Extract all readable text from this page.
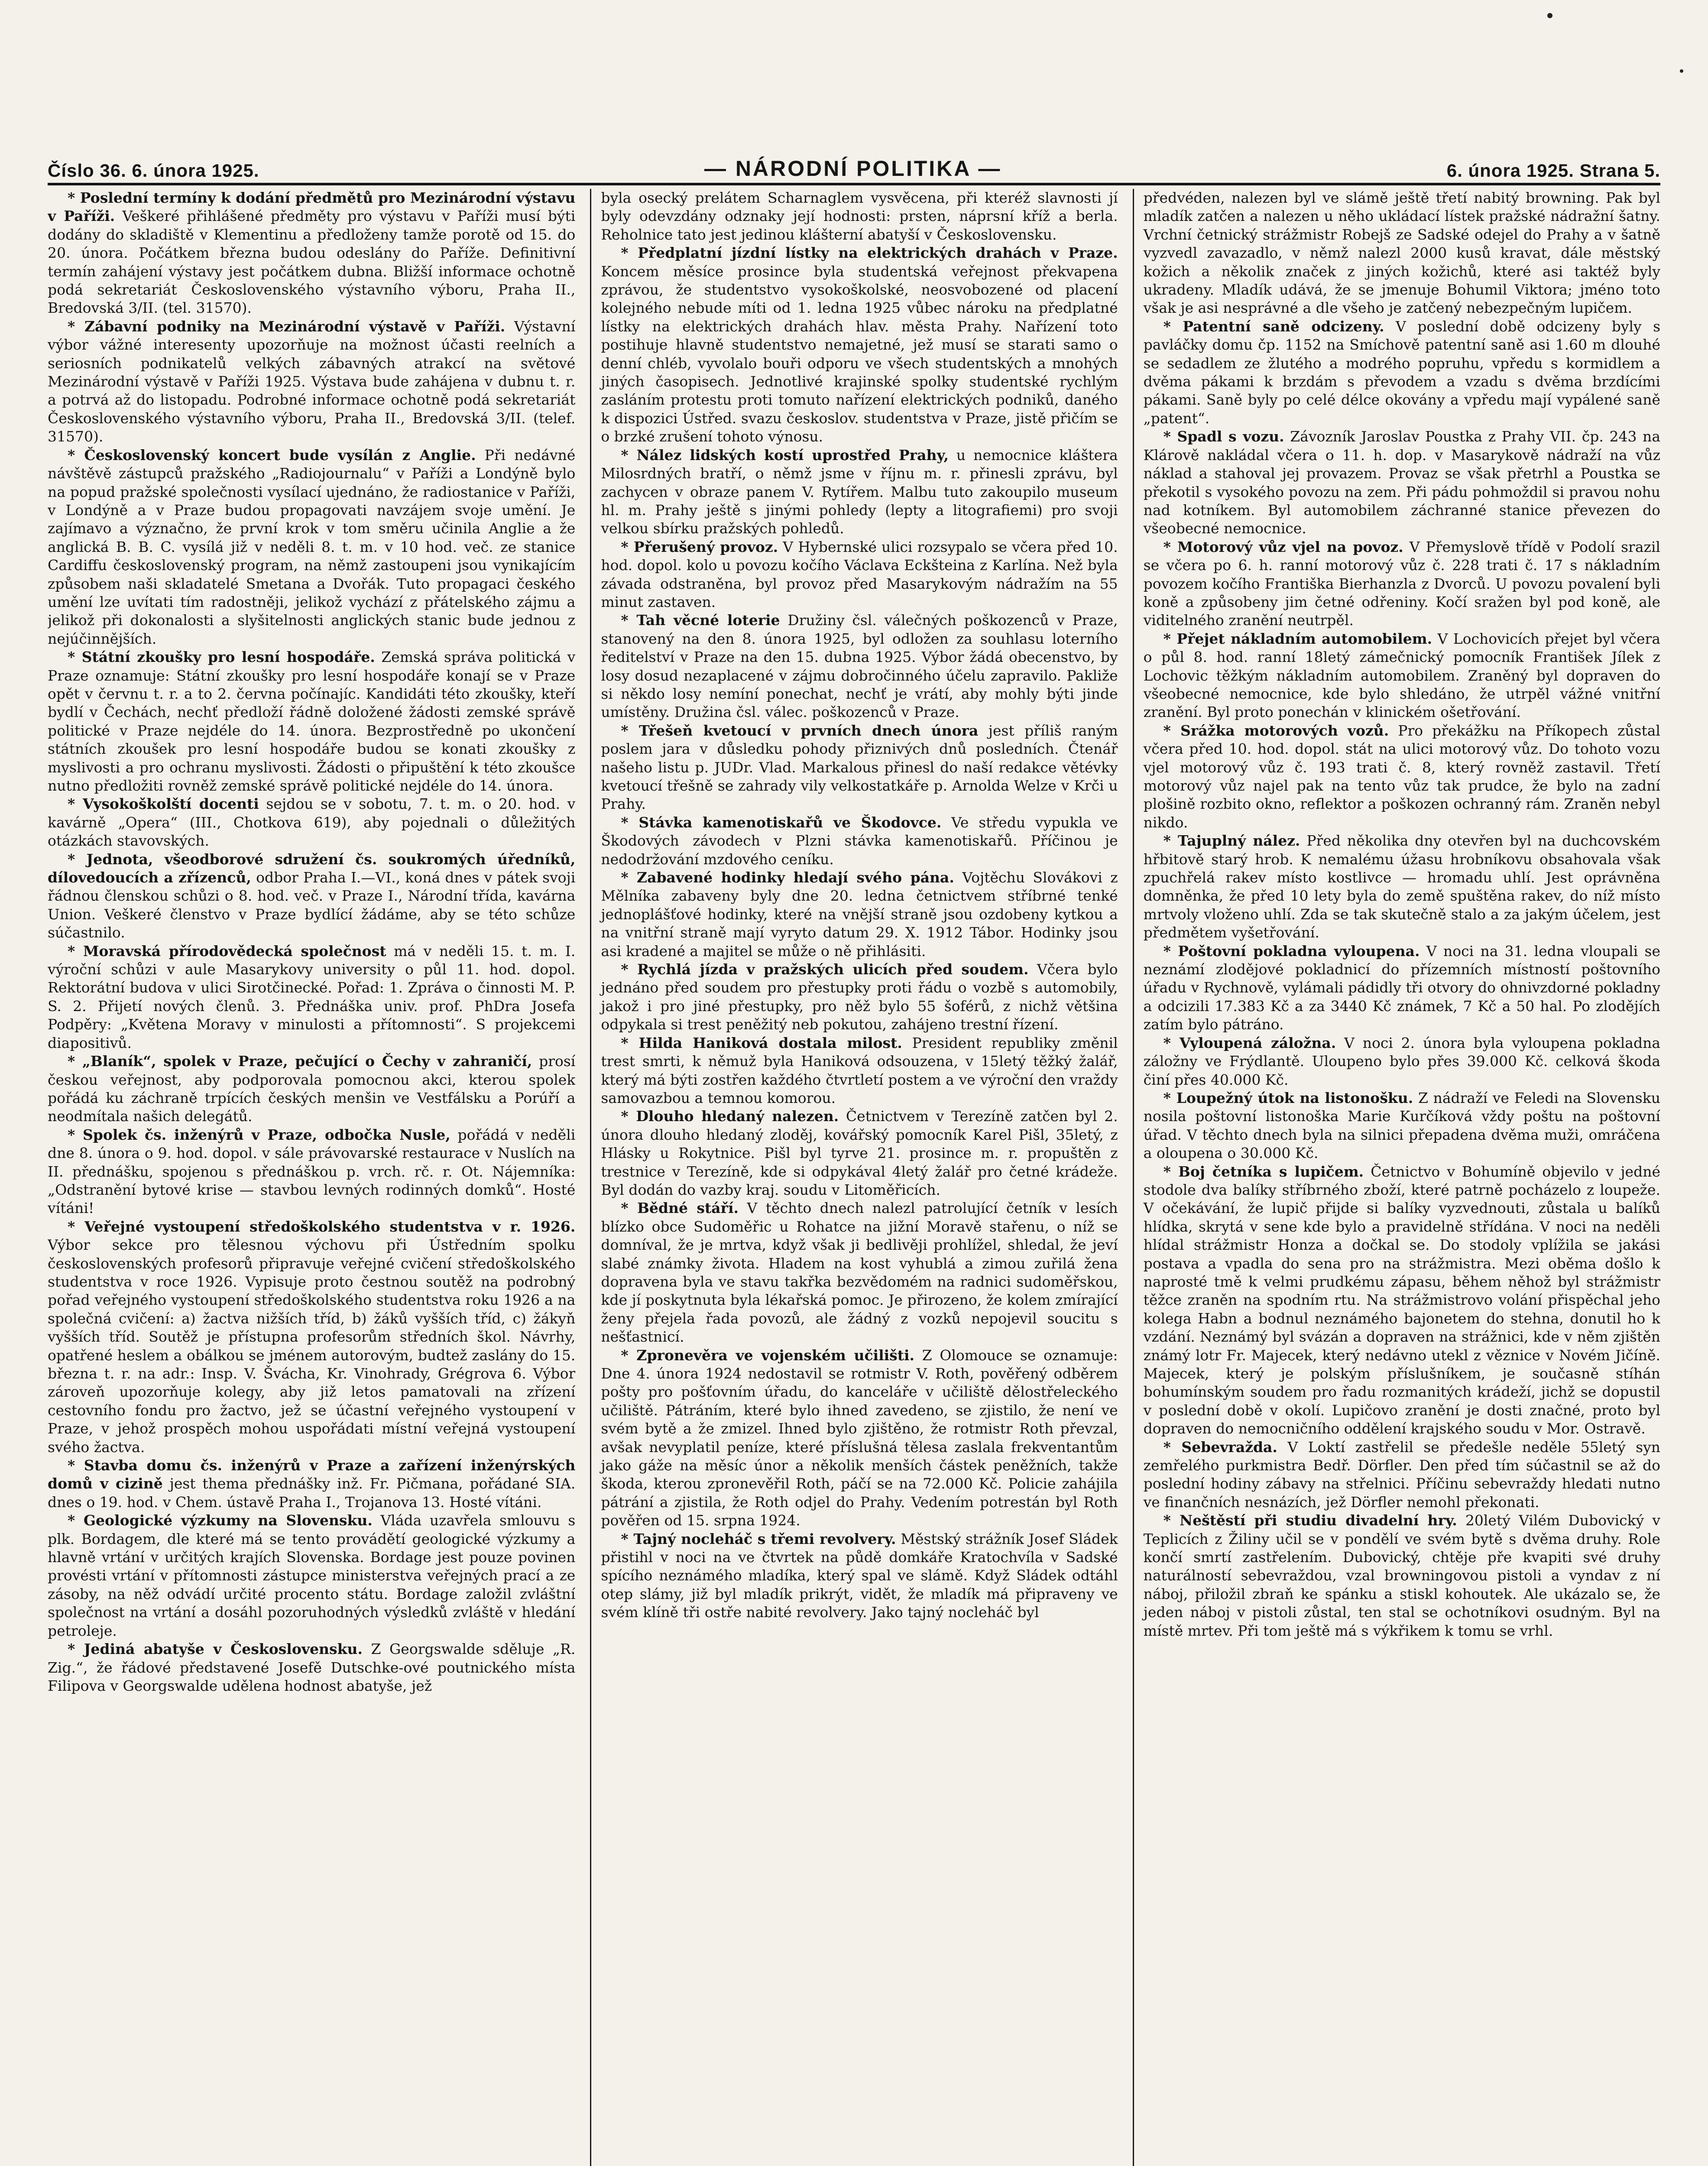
Číslo 36. 6. února 1925.	— NÁRODNÍ POLITIKA —	6. února 1925. Strana 5.

* Poslední termíny k dodání předmětů pro Mezinárodní výstavu v Paříži. Veškeré přihlášené předměty pro výstavu v Paříži musí býti dodány do skladiště v Klementinu a předloženy tamže porotě od 15. do 20. února. Počátkem března budou odeslány do Paříže. Definitivní termín zahájení výstavy jest počátkem dubna. Bližší informace ochotně podá sekretariát Československého výstavního výboru, Praha II., Bredovská 3/II. (tel. 31570).

* Zábavní podniky na Mezinárodní výstavě v Paříži. Výstavní výbor vážné interesenty upozorňuje na možnost účasti reelních a seriosních podnikatelů velkých zábavných atrakcí na světové Mezinárodní výstavě v Paříži 1925. Výstava bude zahájena v dubnu t. r. a potrvá až do listopadu. Podrobné informace ochotně podá sekretariát Československého výstavního výboru, Praha II., Bredovská 3/II. (telef. 31570).

* Československý koncert bude vysílán z Anglie. Při nedávné návštěvě zástupců pražského „Radiojournalu“ v Paříži a Londýně bylo na popud pražské společnosti vysílací ujednáno, že radiostanice v Paříži, v Londýně a v Praze budou propagovati navzájem svoje umění. Je zajímavo a význačno, že první krok v tom směru učinila Anglie a že anglická B. B. C. vysílá již v neděli 8. t. m. v 10 hod. več. ze stanice Cardiffu československý program, na němž zastoupeni jsou vynikajícím způsobem naši skladatelé Smetana a Dvořák. Tuto propagaci českého umění lze uvítati tím radostněji, jelikož vychází z přátelského zájmu a jelikož při dokonalosti a slyšitelnosti anglických stanic bude jednou z nejúčinnějších.

* Státní zkoušky pro lesní hospodáře. Zemská správa politická v Praze oznamuje: Státní zkoušky pro lesní hospodáře konají se v Praze opět v červnu t. r. a to 2. června počínajíc. Kandidáti této zkoušky, kteří bydlí v Čechách, nechť předloží řádně doložené žádosti zemské správě politické v Praze nejdéle do 14. února. Bezprostředně po ukončení státních zkoušek pro lesní hospodáře budou se konati zkoušky z myslivosti a pro ochranu myslivosti. Žádosti o připuštění k této zkoušce nutno předložiti rovněž zemské správě politické nejdéle do 14. února.

* Vysokoškolští docenti sejdou se v sobotu, 7. t. m. o 20. hod. v kavárně „Opera“ (III., Chotkova 619), aby pojednali o důležitých otázkách stavovských.

* Jednota, všeodborové sdružení čs. soukromých úředníků, dílovedoucích a zřízenců, odbor Praha I.—VI., koná dnes v pátek svoji řádnou členskou schůzi o 8. hod. več. v Praze I., Národní třída, kavárna Union. Veškeré členstvo v Praze bydlící žádáme, aby se této schůze súčastnilo.

* Moravská přírodovědecká společnost má v neděli 15. t. m. I. výroční schůzi v aule Masarykovy university o půl 11. hod. dopol. Rektorátní budova v ulici Sirotčinecké. Pořad: 1. Zpráva o činnosti M. P. S. 2. Přijetí nových členů. 3. Přednáška univ. prof. PhDra Josefa Podpěry: „Květena Moravy v minulosti a přítomnosti“. S projekcemi diapositivů.

* „Blaník“, spolek v Praze, pečující o Čechy v zahraničí, prosí českou veřejnost, aby podporovala pomocnou akci, kterou spolek pořádá ku záchraně trpících českých menšin ve Vestfálsku a Porúří a neodmítala našich delegátů.

* Spolek čs. inženýrů v Praze, odbočka Nusle, pořádá v neděli dne 8. února o 9. hod. dopol. v sále právovarské restaurace v Nuslích na II. přednášku, spojenou s přednáškou p. vrch. rč. r. Ot. Nájemníka: „Odstranění bytové krise — stavbou levných rodinných domků“. Hosté vítáni!

* Veřejné vystoupení středoškolského studentstva v r. 1926. Výbor sekce pro tělesnou výchovu při Ústředním spolku československých profesorů připravuje veřejné cvičení středoškolského studentstva v roce 1926. Vypisuje proto čestnou soutěž na podrobný pořad veřejného vystoupení středoškolského studentstva roku 1926 a na společná cvičení: a) žactva nižších tříd, b) žáků vyšších tříd, c) žákyň vyšších tříd. Soutěž je přístupna profesorům středních škol. Návrhy, opatřené heslem a obálkou se jménem autorovým, budtež zaslány do 15. března t. r. na adr.: Insp. V. Švácha, Kr. Vinohrady, Grégrova 6. Výbor zároveň upozorňuje kolegy, aby již letos pamatovali na zřízení cestovního fondu pro žactvo, jež se účastní veřejného vystoupení v Praze, v jehož prospěch mohou uspořádati místní veřejná vystoupení svého žactva.

* Stavba domu čs. inženýrů v Praze a zařízení inženýrských domů v cizině jest thema přednášky inž. Fr. Pičmana, pořádané SIA. dnes o 19. hod. v Chem. ústavě Praha I., Trojanova 13. Hosté vítáni.

* Geologické výzkumy na Slovensku. Vláda uzavřela smlouvu s plk. Bordagem, dle které má se tento provádětí geologické výzkumy a hlavně vrtání v určitých krajích Slovenska. Bordage jest pouze povinen provésti vrtání v přítomnosti zástupce ministerstva veřejných prací a ze zásoby, na něž odvádí určité procento státu. Bordage založil zvláštní společnost na vrtání a dosáhl pozoruhodných výsledků zvláště v hledání petroleje.

* Jediná abatyše v Československu. Z Georgswalde sděluje „R. Zig.“, že řádové představené Josefě Dutschke-ové poutnického místa Filipova v Georgswalde udělena hodnost abatyše, jež

byla osecký prelátem Scharnaglem vysvěcena, při kteréž slavnosti jí byly odevzdány odznaky její hodnosti: prsten, náprsní kříž a berla. Reholnice tato jest jedinou klášterní abatyší v Československu.

* Předplatní jízdní lístky na elektrických drahách v Praze. Koncem měsíce prosince byla studentská veřejnost překvapena zprávou, že studentstvo vysokoškolské, neosvobozené od placení kolejného nebude míti od 1. ledna 1925 vůbec nároku na předplatné lístky na elektrických drahách hlav. města Prahy. Nařízení toto postihuje hlavně studentstvo nemajetné, jež musí se starati samo o denní chléb, vyvolalo bouři odporu ve všech studentských a mnohých jiných časopisech. Jednotlivé krajinské spolky studentské rychlým zasláním protestu proti tomuto nařízení elektrických podniků, daného k dispozici Ústřed. svazu českoslov. studentstva v Praze, jistě přičím se o brzké zrušení tohoto výnosu.

* Nález lidských kostí uprostřed Prahy, u nemocnice kláštera Milosrdných bratří, o němž jsme v říjnu m. r. přinesli zprávu, byl zachycen v obraze panem V. Rytířem. Malbu tuto zakoupilo museum hl. m. Prahy ještě s jinými pohledy (lepty a litografiemi) pro svoji velkou sbírku pražských pohledů.

* Přerušený provoz. V Hybernské ulici rozsypalo se včera před 10. hod. dopol. kolo u povozu kočího Václava Eckšteina z Karlína. Než byla závada odstraněna, byl provoz před Masarykovým nádražím na 55 minut zastaven.

* Tah věcné loterie Družiny čsl. válečných poškozenců v Praze, stanovený na den 8. února 1925, byl odložen za souhlasu loterního ředitelství v Praze na den 15. dubna 1925. Výbor žádá obecenstvo, by losy dosud nezaplacené v zájmu dobročinného účelu zapravilo. Pakliže si někdo losy nemíní ponechat, nechť je vrátí, aby mohly býti jinde umístěny. Družina čsl. válec. poškozenců v Praze.

* Třešeň kvetoucí v prvních dnech února jest příliš raným poslem jara v důsledku pohody přiznivých dnů posledních. Čtenář našeho listu p. JUDr. Vlad. Markalous přinesl do naší redakce větévky kvetoucí třešně se zahrady vily velkostatkáře p. Arnolda Welze v Krči u Prahy.

* Stávka kamenotiskařů ve Škodovce. Ve středu vypukla ve Škodových závodech v Plzni stávka kamenotiskařů. Příčinou je nedodržování mzdového ceníku.

* Zabavené hodinky hledají svého pána. Vojtěchu Slovákovi z Mělníka zabaveny byly dne 20. ledna četnictvem stříbrné tenké jednoplášťové hodinky, které na vnější straně jsou ozdobeny kytkou a na vnitřní straně mají vyryto datum 29. X. 1912 Tábor. Hodinky jsou asi kradené a majitel se může o ně přihlásiti.

* Rychlá jízda v pražských ulicích před soudem. Včera bylo jednáno před soudem pro přestupky proti řádu o vozbě s automobily, jakož i pro jiné přestupky, pro něž bylo 55 šoférů, z nichž většina odpykala si trest peněžitý neb pokutou, zahájeno trestní řízení.

* Hilda Haniková dostala milost. President republiky změnil trest smrti, k němuž byla Haniková odsouzena, v 15letý těžký žalář, který má býti zostřen každého čtvrtletí postem a ve výroční den vraždy samovazbou a temnou komorou.

* Dlouho hledaný nalezen. Četnictvem v Terezíně zatčen byl 2. února dlouho hledaný zloděj, kovářský pomocník Karel Pišl, 35letý, z Hlásky u Rokytnice. Pišl byl tyrve 21. prosince m. r. propuštěn z trestnice v Terezíně, kde si odpykával 4letý žalář pro četné krádeže. Byl dodán do vazby kraj. soudu v Litoměřicích.

* Bědné stáří. V těchto dnech nalezl patrolující četník v lesích blízko obce Sudoměřic u Rohatce na jižní Moravě stařenu, o níž se domníval, že je mrtva, když však ji bedlivěji prohlížel, shledal, že jeví slabé známky života. Hladem na kost vyhublá a zimou zuřilá žena dopravena byla ve stavu takřka bezvědomém na radnici sudoměřskou, kde jí poskytnuta byla lékařská pomoc. Je přirozeno, že kolem zmírající ženy přejela řada povozů, ale žádný z vozků nepojevil soucitu s nešťastnicí.

* Zpronevěra ve vojenském učilišti. Z Olomouce se oznamuje: Dne 4. února 1924 nedostavil se rotmistr V. Roth, pověřený odběrem pošty pro pošťovním úřadu, do kanceláře v učiliště dělostřeleckého učiliště. Pátráním, které bylo ihned zavedeno, se zjistilo, že není ve svém bytě a že zmizel. Ihned bylo zjištěno, že rotmistr Roth převzal, avšak nevyplatil peníze, které příslušná tělesa zaslala frekventantům jako gáže na měsíc únor a několik menších částek peněžních, takže škoda, kterou zpronevěřil Roth, páčí se na 72.000 Kč. Policie zahájila pátrání a zjistila, že Roth odjel do Prahy. Vedením potrestán byl Roth pověřen od 15. srpna 1924.

* Tajný nocleháč s třemi revolvery. Městský strážník Josef Sládek přistihl v noci na ve čtvrtek na půdě domkáře Kratochvíla v Sadské spícího neznámého mladíka, který spal ve slámě. Když Sládek odtáhl otep slámy, již byl mladík prikrýt, vidět, že mladík má připraveny ve svém klíně tři ostře nabité revolvery. Jako tajný nocleháč byl

předvéden, nalezen byl ve slámě ještě třetí nabitý browning. Pak byl mladík zatčen a nalezen u něho ukládací lístek pražské nádražní šatny. Vrchní četnický strážmistr Robejš ze Sadské odejel do Prahy a v šatně vyzvedl zavazadlo, v němž nalezl 2000 kusů kravat, dále městský kožich a několik značek z jiných kožichů, které asi taktéž byly ukradeny. Mladík udává, že se jmenuje Bohumil Viktora; jméno toto však je asi nesprávné a dle všeho je zatčený nebezpečným lupičem.

* Patentní saně odcizeny. V poslední době odcizeny byly s pavláčky domu čp. 1152 na Smíchově patentní saně asi 1.60 m dlouhé se sedadlem ze žlutého a modrého popruhu, vpředu s kormidlem a dvěma pákami k brzdám s převodem a vzadu s dvěma brzdícími pákami. Saně byly po celé délce okovány a vpředu mají vypálené saně „patent“.

* Spadl s vozu. Závozník Jaroslav Poustka z Prahy VII. čp. 243 na Klárově nakládal včera o 11. h. dop. v Masarykově nádraží na vůz náklad a stahoval jej provazem. Provaz se však přetrhl a Poustka se překotil s vysokého povozu na zem. Při pádu pohmoždil si pravou nohu nad kotníkem. Byl automobilem záchranné stanice převezen do všeobecné nemocnice.

* Motorový vůz vjel na povoz. V Přemyslově třídě v Podolí srazil se včera po 6. h. ranní motorový vůz č. 228 trati č. 17 s nákladním povozem kočího Františka Bierhanzla z Dvorců. U povozu povalení byli koně a způsobeny jim četné odřeniny. Kočí sražen byl pod koně, ale viditelného zranění neutrpěl.

* Přejet nákladním automobilem. V Lochovicích přejet byl včera o půl 8. hod. ranní 18letý zámečnický pomocník František Jílek z Lochovic těžkým nákladním automobilem. Zraněný byl dopraven do všeobecné nemocnice, kde bylo shledáno, že utrpěl vážné vnitřní zranění. Byl proto ponechán v klinickém ošetřování.

* Srážka motorových vozů. Pro překážku na Příkopech zůstal včera před 10. hod. dopol. stát na ulici motorový vůz. Do tohoto vozu vjel motorový vůz č. 193 trati č. 8, který rovněž zastavil. Třetí motorový vůz najel pak na tento vůz tak prudce, že bylo na zadní plošině rozbito okno, reflektor a poškozen ochranný rám. Zraněn nebyl nikdo.

* Tajuplný nález. Před několika dny otevřen byl na duchcovském hřbitově starý hrob. K nemalému úžasu hrobníkovu obsahovala však zpuchřelá rakev místo kostlivce — hromadu uhlí. Jest oprávněna domněnka, že před 10 lety byla do země spuštěna rakev, do níž místo mrtvoly vloženo uhlí. Zda se tak skutečně stalo a za jakým účelem, jest předmětem vyšetřování.

* Poštovní pokladna vyloupena. V noci na 31. ledna vloupali se neznámí zlodějové pokladnicí do přízemních místností poštovního úřadu v Rychnově, vylámali pádidly tři otvory do ohnivzdorné pokladny a odcizili 17.383 Kč a za 3440 Kč známek, 7 Kč a 50 hal. Po zlodějích zatím bylo pátráno.

* Vyloupená záložna. V noci 2. února byla vyloupena pokladna záložny ve Frýdlantě. Uloupeno bylo přes 39.000 Kč. celková škoda činí přes 40.000 Kč.

* Loupežný útok na listonošku. Z nádraží ve Feledi na Slovensku nosila poštovní listonoška Marie Kurčíková vždy poštu na poštovní úřad. V těchto dnech byla na silnici přepadena dvěma muži, omráčena a oloupena o 30.000 Kč.

* Boj četníka s lupičem. Četnictvo v Bohumíně objevilo v jedné stodole dva balíky stříbrného zboží, které patrně pocházelo z loupeže. V očekávání, že lupič přijde si balíky vyzvednouti, zůstala u balíků hlídka, skrytá v sene kde bylo a pravidelně střídána. V noci na neděli hlídal strážmistr Honza a dočkal se. Do stodoly vplížila se jakási postava a vpadla do sena pro na strážmistra. Mezi oběma došlo k naprosté tmě k velmi prudkému zápasu, během něhož byl strážmistr těžce zraněn na spodním rtu. Na strážmistrovo volání přispěchal jeho kolega Habn a bodnul neznámého bajonetem do stehna, donutil ho k vzdání. Neznámý byl svázán a dopraven na strážnici, kde v něm zjištěn známý lotr Fr. Majecek, který nedávno utekl z věznice v Novém Jičíně. Majecek, který je polským příslušníkem, je současně stíhán bohumínským soudem pro řadu rozmanitých krádeží, jichž se dopustil v poslední době v okolí. Lupičovo zranění je dosti značné, proto byl dopraven do nemocničního oddělení krajského soudu v Mor. Ostravě.

* Sebevražda. V Loktí zastřelil se předešle neděle 55letý syn zemřelého purkmistra Bedř. Dörfler. Den před tím súčastnil se až do poslední hodiny zábavy na střelnici. Příčinu sebevraždy hledati nutno ve finančních nesnázích, jež Dörfler nemohl překonati.

* Neštěstí při studiu divadelní hry. 20letý Vilém Dubovický v Teplicích z Žiliny učil se v pondělí ve svém bytě s dvěma druhy. Role končí smrtí zastřelením. Dubovický, chtěje pře kvapiti své druhy naturálností sebevraždou, vzal browningovou pistoli a vyndav z ní náboj, přiložil zbraň ke spánku a stiskl kohoutek. Ale ukázalo se, že jeden náboj v pistoli zůstal, ten stal se ochotníkovi osudným. Byl na místě mrtev. Při tom ještě má s výkřikem k tomu se vrhl.
